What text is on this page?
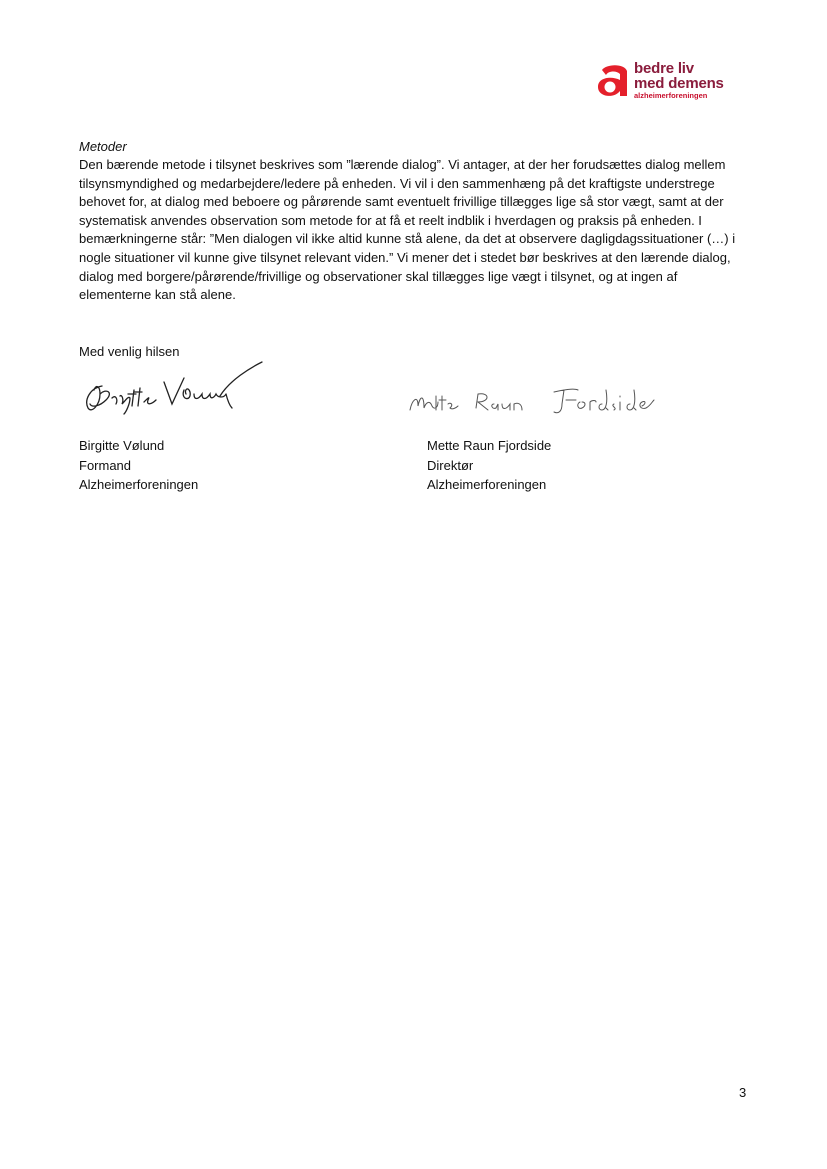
bedre liv
med demens
alzheimerforeningen
Metoder

Den bærende metode i tilsynet beskrives som ”lærende dialog”. Vi antager, at der her forudsættes dialog mellem tilsynsmyndighed og medarbejdere/ledere på enheden. Vi vil i den sammenhæng på det kraftigste understrege behovet for, at dialog med beboere og pårørende samt eventuelt frivillige tillægges lige så stor vægt, samt at der systematisk anvendes observation som metode for at få et reelt indblik i hverdagen og praksis på enheden. I bemærkningerne står: ”Men dialogen vil ikke altid kunne stå alene, da det at observere dagligdagssituationer (…) i nogle situationer vil kunne give tilsynet relevant viden.” Vi mener det i stedet bør beskrives at den lærende dialog, dialog med borgere/pårørende/frivillige og observationer skal tillægges lige vægt i tilsynet, og at ingen af elementerne kan stå alene.

Med venlig hilsen
Birgitte Vølund
Formand
Alzheimerforeningen
Mette Raun Fjordside
Direktør
Alzheimerforeningen
3
